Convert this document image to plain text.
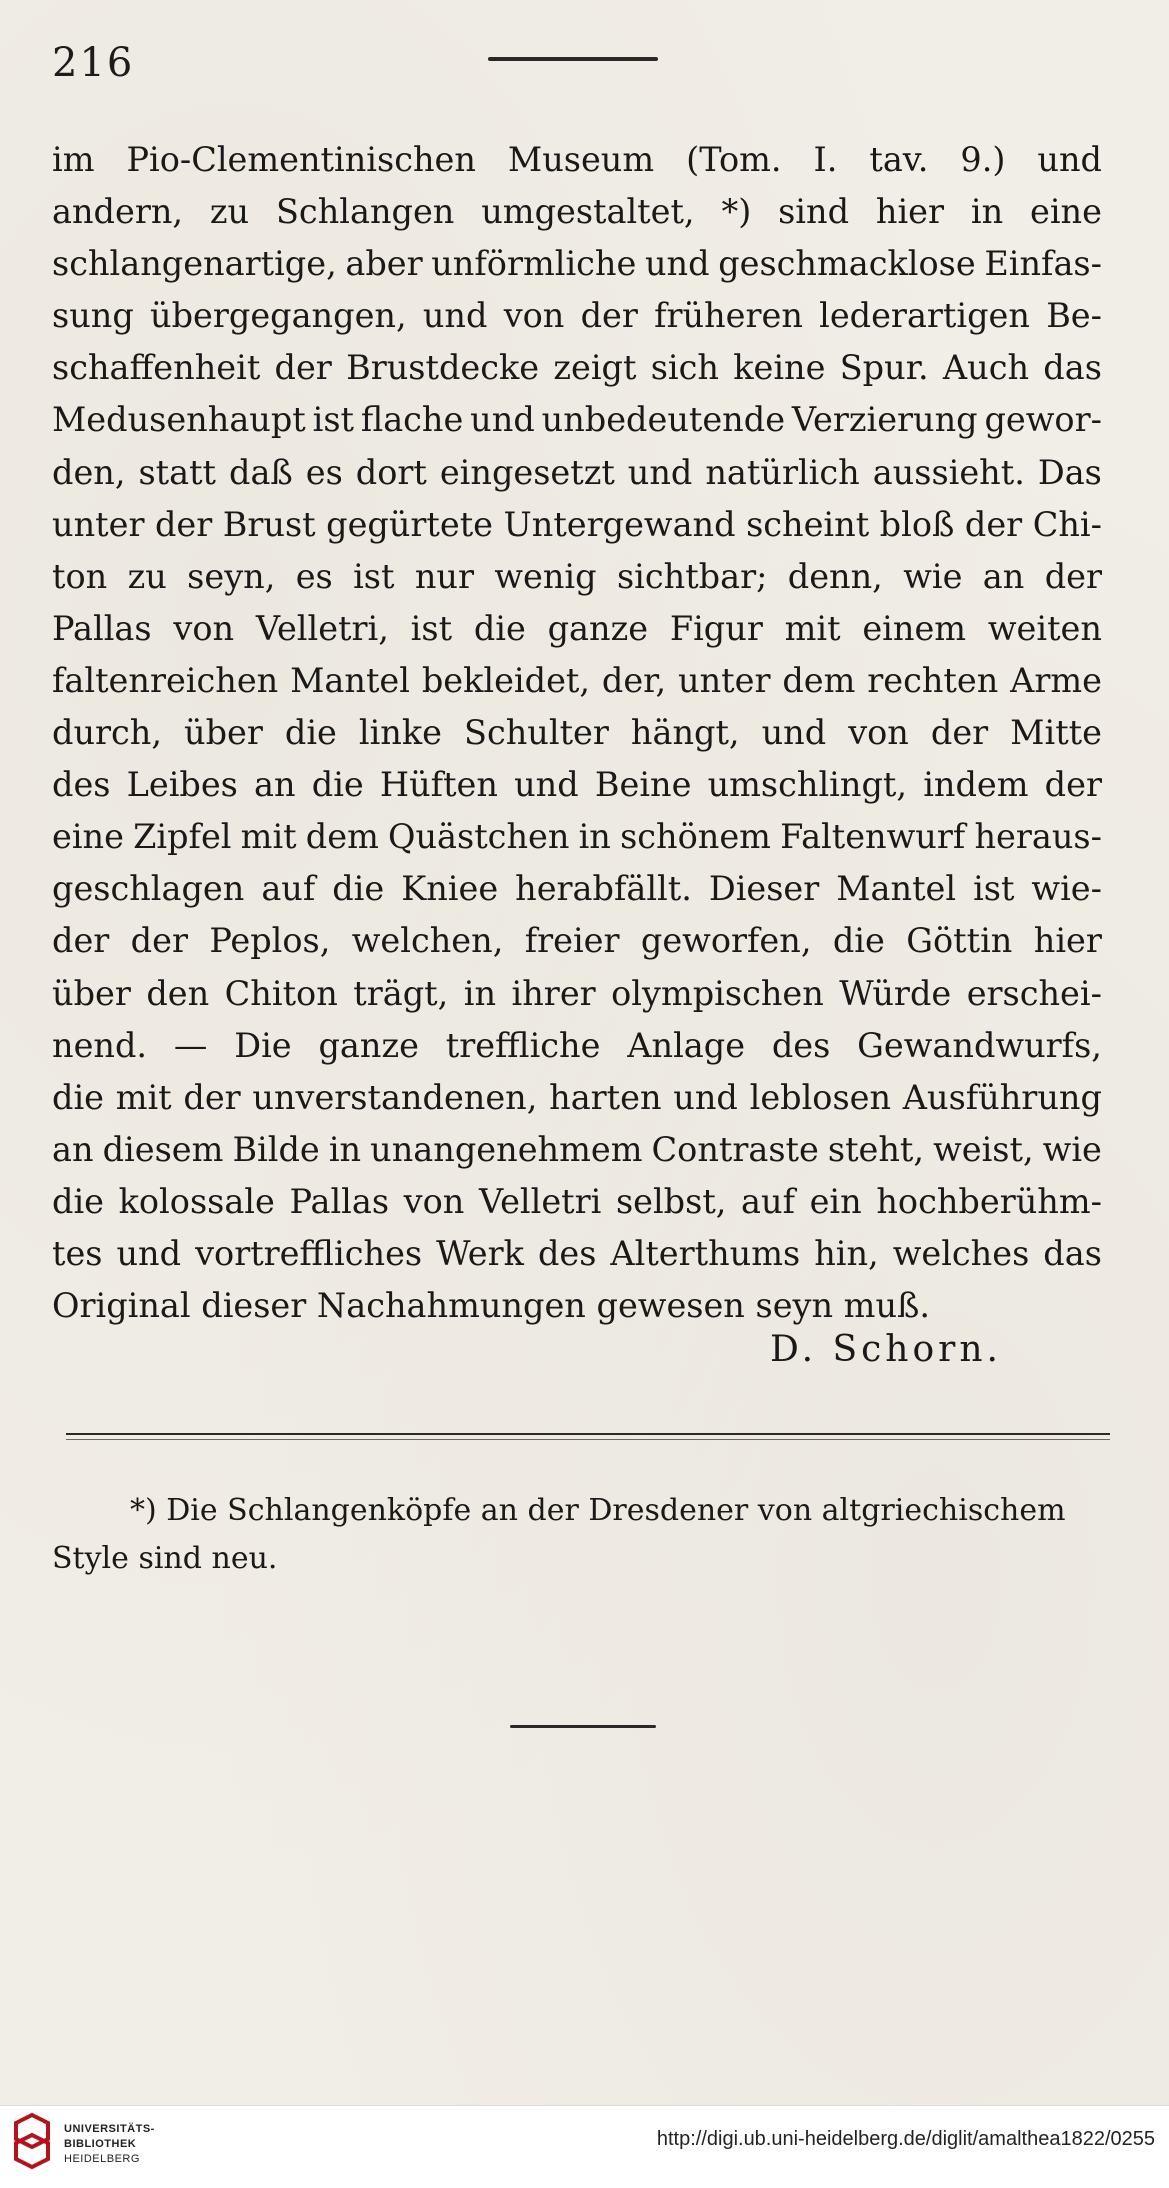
216
im Pio-Clementinischen Museum (Tom. I. tav. 9.) und
andern, zu Schlangen umgestaltet, *) sind hier in eine
schlangenartige, aber unförmliche und geschmacklose Einfas-
sung übergegangen, und von der früheren lederartigen Be-
schaffenheit der Brustdecke zeigt sich keine Spur. Auch das
Medusenhaupt ist flache und unbedeutende Verzierung gewor-
den, statt daß es dort eingesetzt und natürlich aussieht. Das
unter der Brust gegürtete Untergewand scheint bloß der Chi-
ton zu seyn, es ist nur wenig sichtbar; denn, wie an der
Pallas von Velletri, ist die ganze Figur mit einem weiten
faltenreichen Mantel bekleidet, der, unter dem rechten Arme
durch, über die linke Schulter hängt, und von der Mitte
des Leibes an die Hüften und Beine umschlingt, indem der
eine Zipfel mit dem Quästchen in schönem Faltenwurf heraus-
geschlagen auf die Kniee herabfällt. Dieser Mantel ist wie-
der der Peplos, welchen, freier geworfen, die Göttin hier
über den Chiton trägt, in ihrer olympischen Würde erschei-
nend. — Die ganze treffliche Anlage des Gewandwurfs,
die mit der unverstandenen, harten und leblosen Ausführung
an diesem Bilde in unangenehmem Contraste steht, weist, wie
die kolossale Pallas von Velletri selbst, auf ein hochberühm-
tes und vortreffliches Werk des Alterthums hin, welches das
Original dieser Nachahmungen gewesen seyn muß.
D. Schorn.
*) Die Schlangenköpfe an der Dresdener von altgriechischem
Style sind neu.
UNIVERSITÄTS-
BIBLIOTHEK
HEIDELBERG
http://digi.ub.uni-heidelberg.de/diglit/amalthea1822/0255
